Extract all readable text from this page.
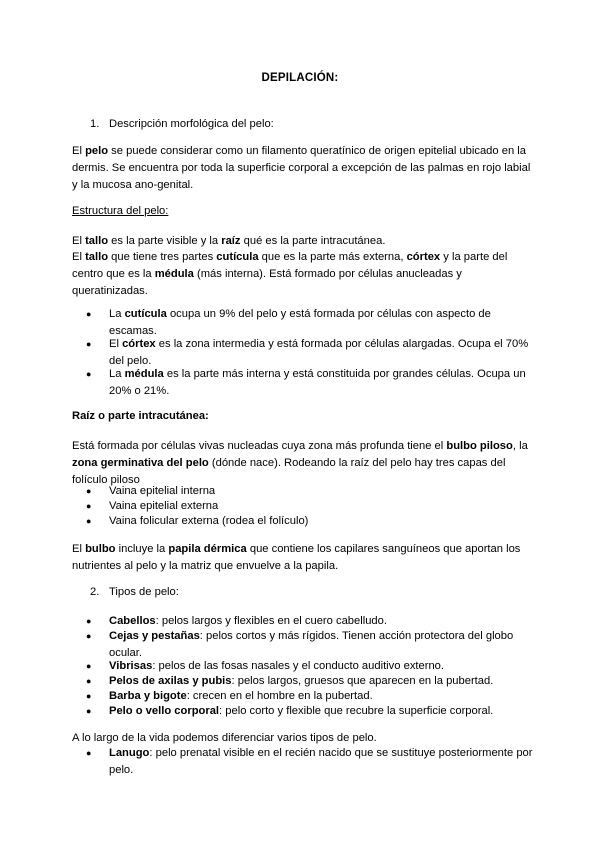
DEPILACIÓN:
1. Descripción morfológica del pelo:
El pelo se puede considerar como un filamento queratínico de origen epitelial ubicado en la dermis. Se encuentra por toda la superficie corporal a excepción de las palmas en rojo labial y la mucosa ano-genital.
Estructura del pelo:
El tallo es la parte visible y la raíz qué es la parte intracutánea.
El tallo que tiene tres partes cutícula que es la parte más externa, córtex y la parte del centro que es la médula (más interna). Está formado por células anucleadas y queratinizadas.
●	La cutícula ocupa un 9% del pelo y está formada por células con aspecto de escamas.
●	El córtex es la zona intermedia y está formada por células alargadas. Ocupa el 70% del pelo.
●	La médula es la parte más interna y está constituida por grandes células. Ocupa un 20% o 21%.
Raíz o parte intracutánea:
Está formada por células vivas nucleadas cuya zona más profunda tiene el bulbo piloso, la zona germinativa del pelo (dónde nace). Rodeando la raíz del pelo hay tres capas del folículo piloso
●	Vaina epitelial interna
●	Vaina epitelial externa
●	Vaina folicular externa (rodea el folículo)
El bulbo incluye la papila dérmica que contiene los capilares sanguíneos que aportan los nutrientes al pelo y la matriz que envuelve a la papila.
2. Tipos de pelo:
●	Cabellos: pelos largos y flexibles en el cuero cabelludo.
●	Cejas y pestañas: pelos cortos y más rígidos. Tienen acción protectora del globo ocular.
●	Vibrisas: pelos de las fosas nasales y el conducto auditivo externo.
●	Pelos de axilas y pubis: pelos largos, gruesos que aparecen en la pubertad.
●	Barba y bigote: crecen en el hombre en la pubertad.
●	Pelo o vello corporal: pelo corto y flexible que recubre la superficie corporal.
A lo largo de la vida podemos diferenciar varios tipos de pelo.
●	Lanugo: pelo prenatal visible en el recién nacido que se sustituye posteriormente por pelo.
